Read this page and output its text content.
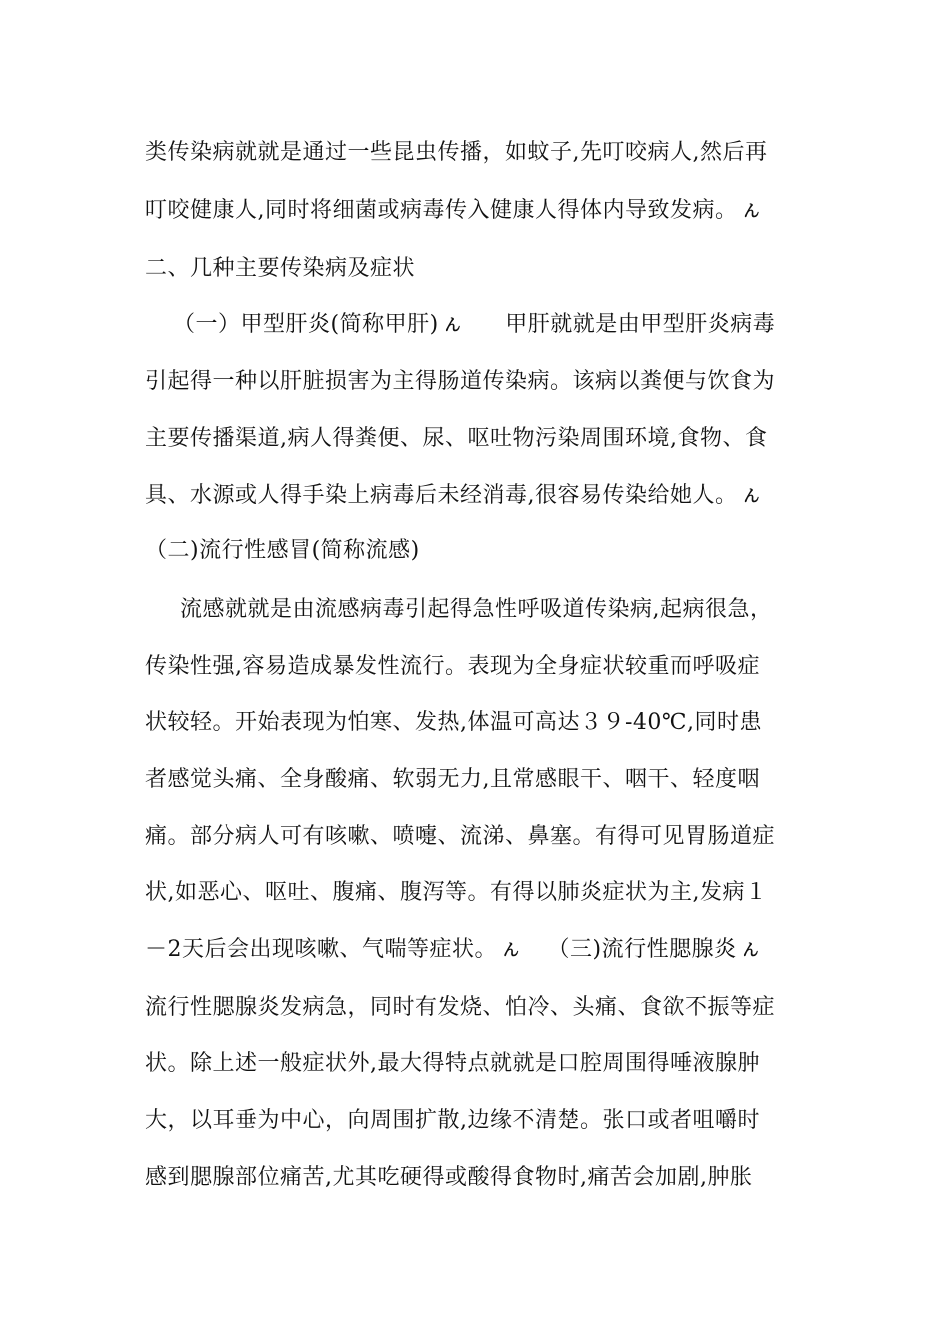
类传染病就就是通过一些昆虫传播，如蚊子,先叮咬病人,然后再
叮咬健康人,同时将细菌或病毒传入健康人得体内导致发病。 ん
二、几种主要传染病及症状
（一）甲型肝炎(简称甲肝) ん 甲肝就就是由甲型肝炎病毒
引起得一种以肝脏损害为主得肠道传染病。该病以粪便与饮食为
主要传播渠道,病人得粪便、尿、呕吐物污染周围环境,食物、食
具、水源或人得手染上病毒后未经消毒,很容易传染给她人。 ん
（二)流行性感冒(简称流感)
流感就就是由流感病毒引起得急性呼吸道传染病,起病很急，
传染性强,容易造成暴发性流行。表现为全身症状较重而呼吸症
状较轻。开始表现为怕寒、发热,体温可高达３９-40℃,同时患
者感觉头痛、全身酸痛、软弱无力,且常感眼干、咽干、轻度咽
痛。部分病人可有咳嗽、喷嚏、流涕、鼻塞。有得可见胃肠道症
状,如恶心、呕吐、腹痛、腹泻等。有得以肺炎症状为主,发病１
－2天后会出现咳嗽、气喘等症状。 ん （三)流行性腮腺炎 ん
流行性腮腺炎发病急，同时有发烧、怕冷、头痛、食欲不振等症
状。除上述一般症状外,最大得特点就就是口腔周围得唾液腺肿
大，以耳垂为中心，向周围扩散,边缘不清楚。张口或者咀嚼时
感到腮腺部位痛苦,尤其吃硬得或酸得食物时,痛苦会加剧,肿胀
